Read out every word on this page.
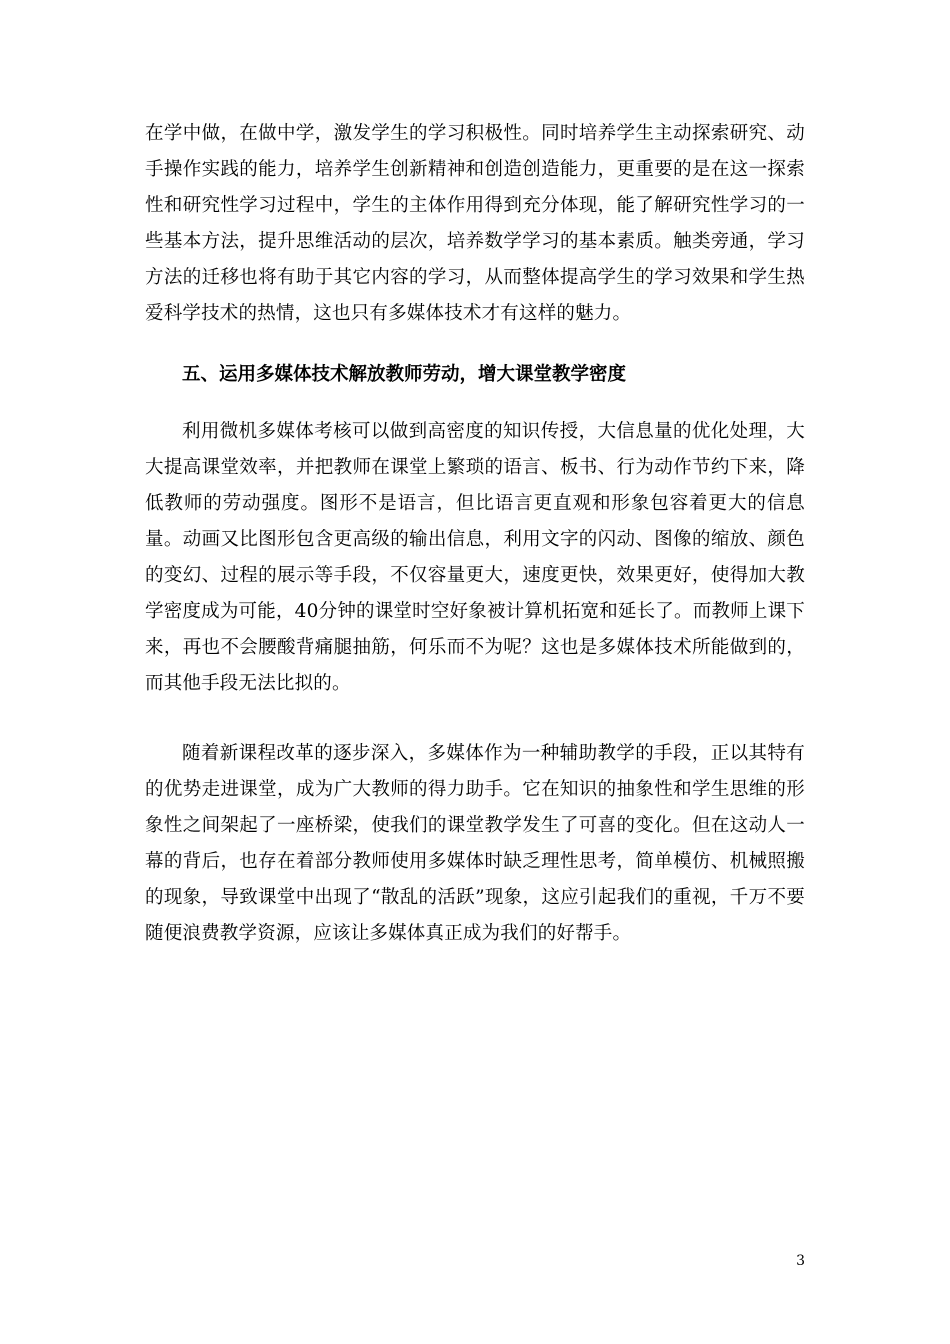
在学中做，在做中学，激发学生的学习积极性。同时培养学生主动探索研究、动手操作实践的能力，培养学生创新精神和创造创造能力，更重要的是在这一探索性和研究性学习过程中，学生的主体作用得到充分体现，能了解研究性学习的一些基本方法，提升思维活动的层次，培养数学学习的基本素质。触类旁通，学习方法的迁移也将有助于其它内容的学习，从而整体提高学生的学习效果和学生热爱科学技术的热情，这也只有多媒体技术才有这样的魅力。

五、运用多媒体技术解放教师劳动，增大课堂教学密度

利用微机多媒体考核可以做到高密度的知识传授，大信息量的优化处理，大大提高课堂效率，并把教师在课堂上繁琐的语言、板书、行为动作节约下来，降低教师的劳动强度。图形不是语言，但比语言更直观和形象包容着更大的信息量。动画又比图形包含更高级的输出信息，利用文字的闪动、图像的缩放、颜色的变幻、过程的展示等手段，不仅容量更大，速度更快，效果更好，使得加大教学密度成为可能，40分钟的课堂时空好象被计算机拓宽和延长了。而教师上课下来，再也不会腰酸背痛腿抽筋，何乐而不为呢？这也是多媒体技术所能做到的，而其他手段无法比拟的。

随着新课程改革的逐步深入，多媒体作为一种辅助教学的手段，正以其特有的优势走进课堂，成为广大教师的得力助手。它在知识的抽象性和学生思维的形象性之间架起了一座桥梁，使我们的课堂教学发生了可喜的变化。但在这动人一幕的背后，也存在着部分教师使用多媒体时缺乏理性思考，简单模仿、机械照搬的现象，导致课堂中出现了“散乱的活跃”现象，这应引起我们的重视，千万不要随便浪费教学资源，应该让多媒体真正成为我们的好帮手。

3
